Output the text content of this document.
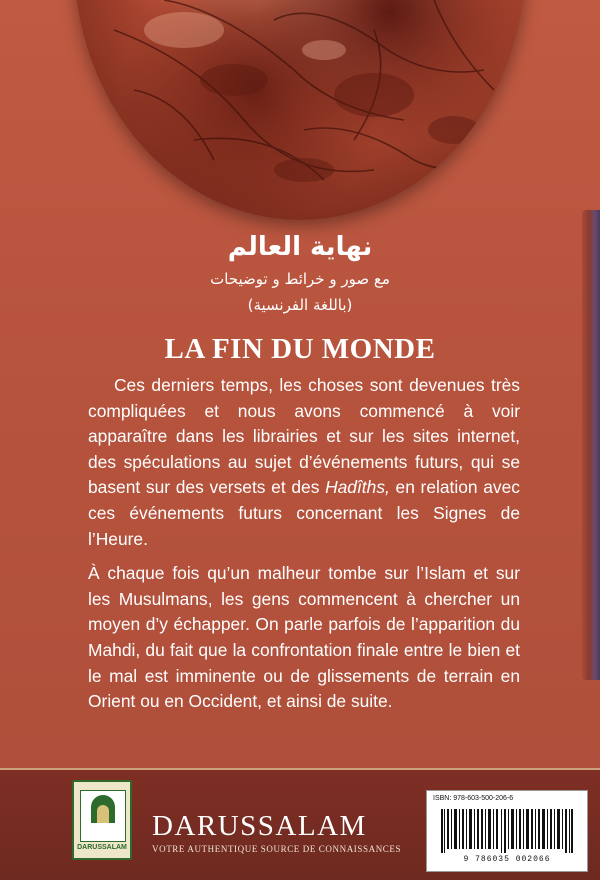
نهاية العالم
مع صور و خرائط و توضيحات
(باللغة الفرنسية)
LA FIN DU MONDE

Ces derniers temps, les choses sont devenues très compliquées et nous avons commencé à voir apparaître dans les librairies et sur les sites internet, des spéculations au sujet d’événements futurs, qui se basent sur des versets et des Hadîths, en relation avec ces événements futurs concernant les Signes de l’Heure.

À chaque fois qu’un malheur tombe sur l’Islam et sur les Musulmans, les gens commencent à chercher un moyen d’y échapper. On parle parfois de l’apparition du Mahdi, du fait que la confrontation finale entre le bien et le mal est imminente ou de glissements de terrain en Orient ou en Occident, et ainsi de suite.

DARUSSALAM
DARUSSALAM
VOTRE AUTHENTIQUE SOURCE DE CONNAISSANCES
ISBN: 978-603-500-206-6
9 786035 002066
